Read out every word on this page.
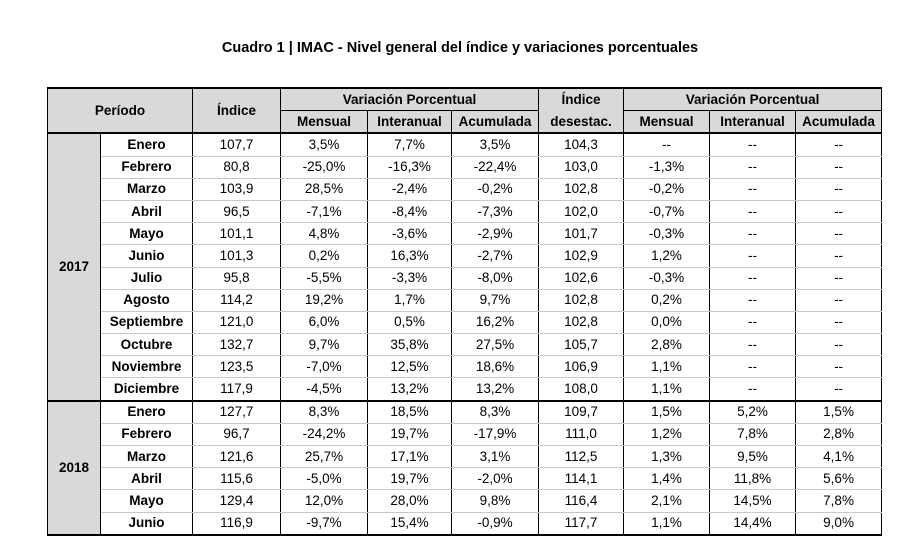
Cuadro 1 | IMAC - Nivel general del índice y variaciones porcentuales
Período		Índice	Variación Porcentual			Índice	Variación Porcentual		
			Mensual	Interanual	Acumulada	desestac.	Mensual	Interanual	Acumulada
2017	Enero	107,7	3,5%	7,7%	3,5%	104,3	--	--	--
	Febrero	80,8	-25,0%	-16,3%	-22,4%	103,0	-1,3%	--	--
	Marzo	103,9	28,5%	-2,4%	-0,2%	102,8	-0,2%	--	--
	Abril	96,5	-7,1%	-8,4%	-7,3%	102,0	-0,7%	--	--
	Mayo	101,1	4,8%	-3,6%	-2,9%	101,7	-0,3%	--	--
	Junio	101,3	0,2%	16,3%	-2,7%	102,9	1,2%	--	--
	Julio	95,8	-5,5%	-3,3%	-8,0%	102,6	-0,3%	--	--
	Agosto	114,2	19,2%	1,7%	9,7%	102,8	0,2%	--	--
	Septiembre	121,0	6,0%	0,5%	16,2%	102,8	0,0%	--	--
	Octubre	132,7	9,7%	35,8%	27,5%	105,7	2,8%	--	--
	Noviembre	123,5	-7,0%	12,5%	18,6%	106,9	1,1%	--	--
	Diciembre	117,9	-4,5%	13,2%	13,2%	108,0	1,1%	--	--
2018	Enero	127,7	8,3%	18,5%	8,3%	109,7	1,5%	5,2%	1,5%
	Febrero	96,7	-24,2%	19,7%	-17,9%	111,0	1,2%	7,8%	2,8%
	Marzo	121,6	25,7%	17,1%	3,1%	112,5	1,3%	9,5%	4,1%
	Abril	115,6	-5,0%	19,7%	-2,0%	114,1	1,4%	11,8%	5,6%
	Mayo	129,4	12,0%	28,0%	9,8%	116,4	2,1%	14,5%	7,8%
	Junio	116,9	-9,7%	15,4%	-0,9%	117,7	1,1%	14,4%	9,0%
